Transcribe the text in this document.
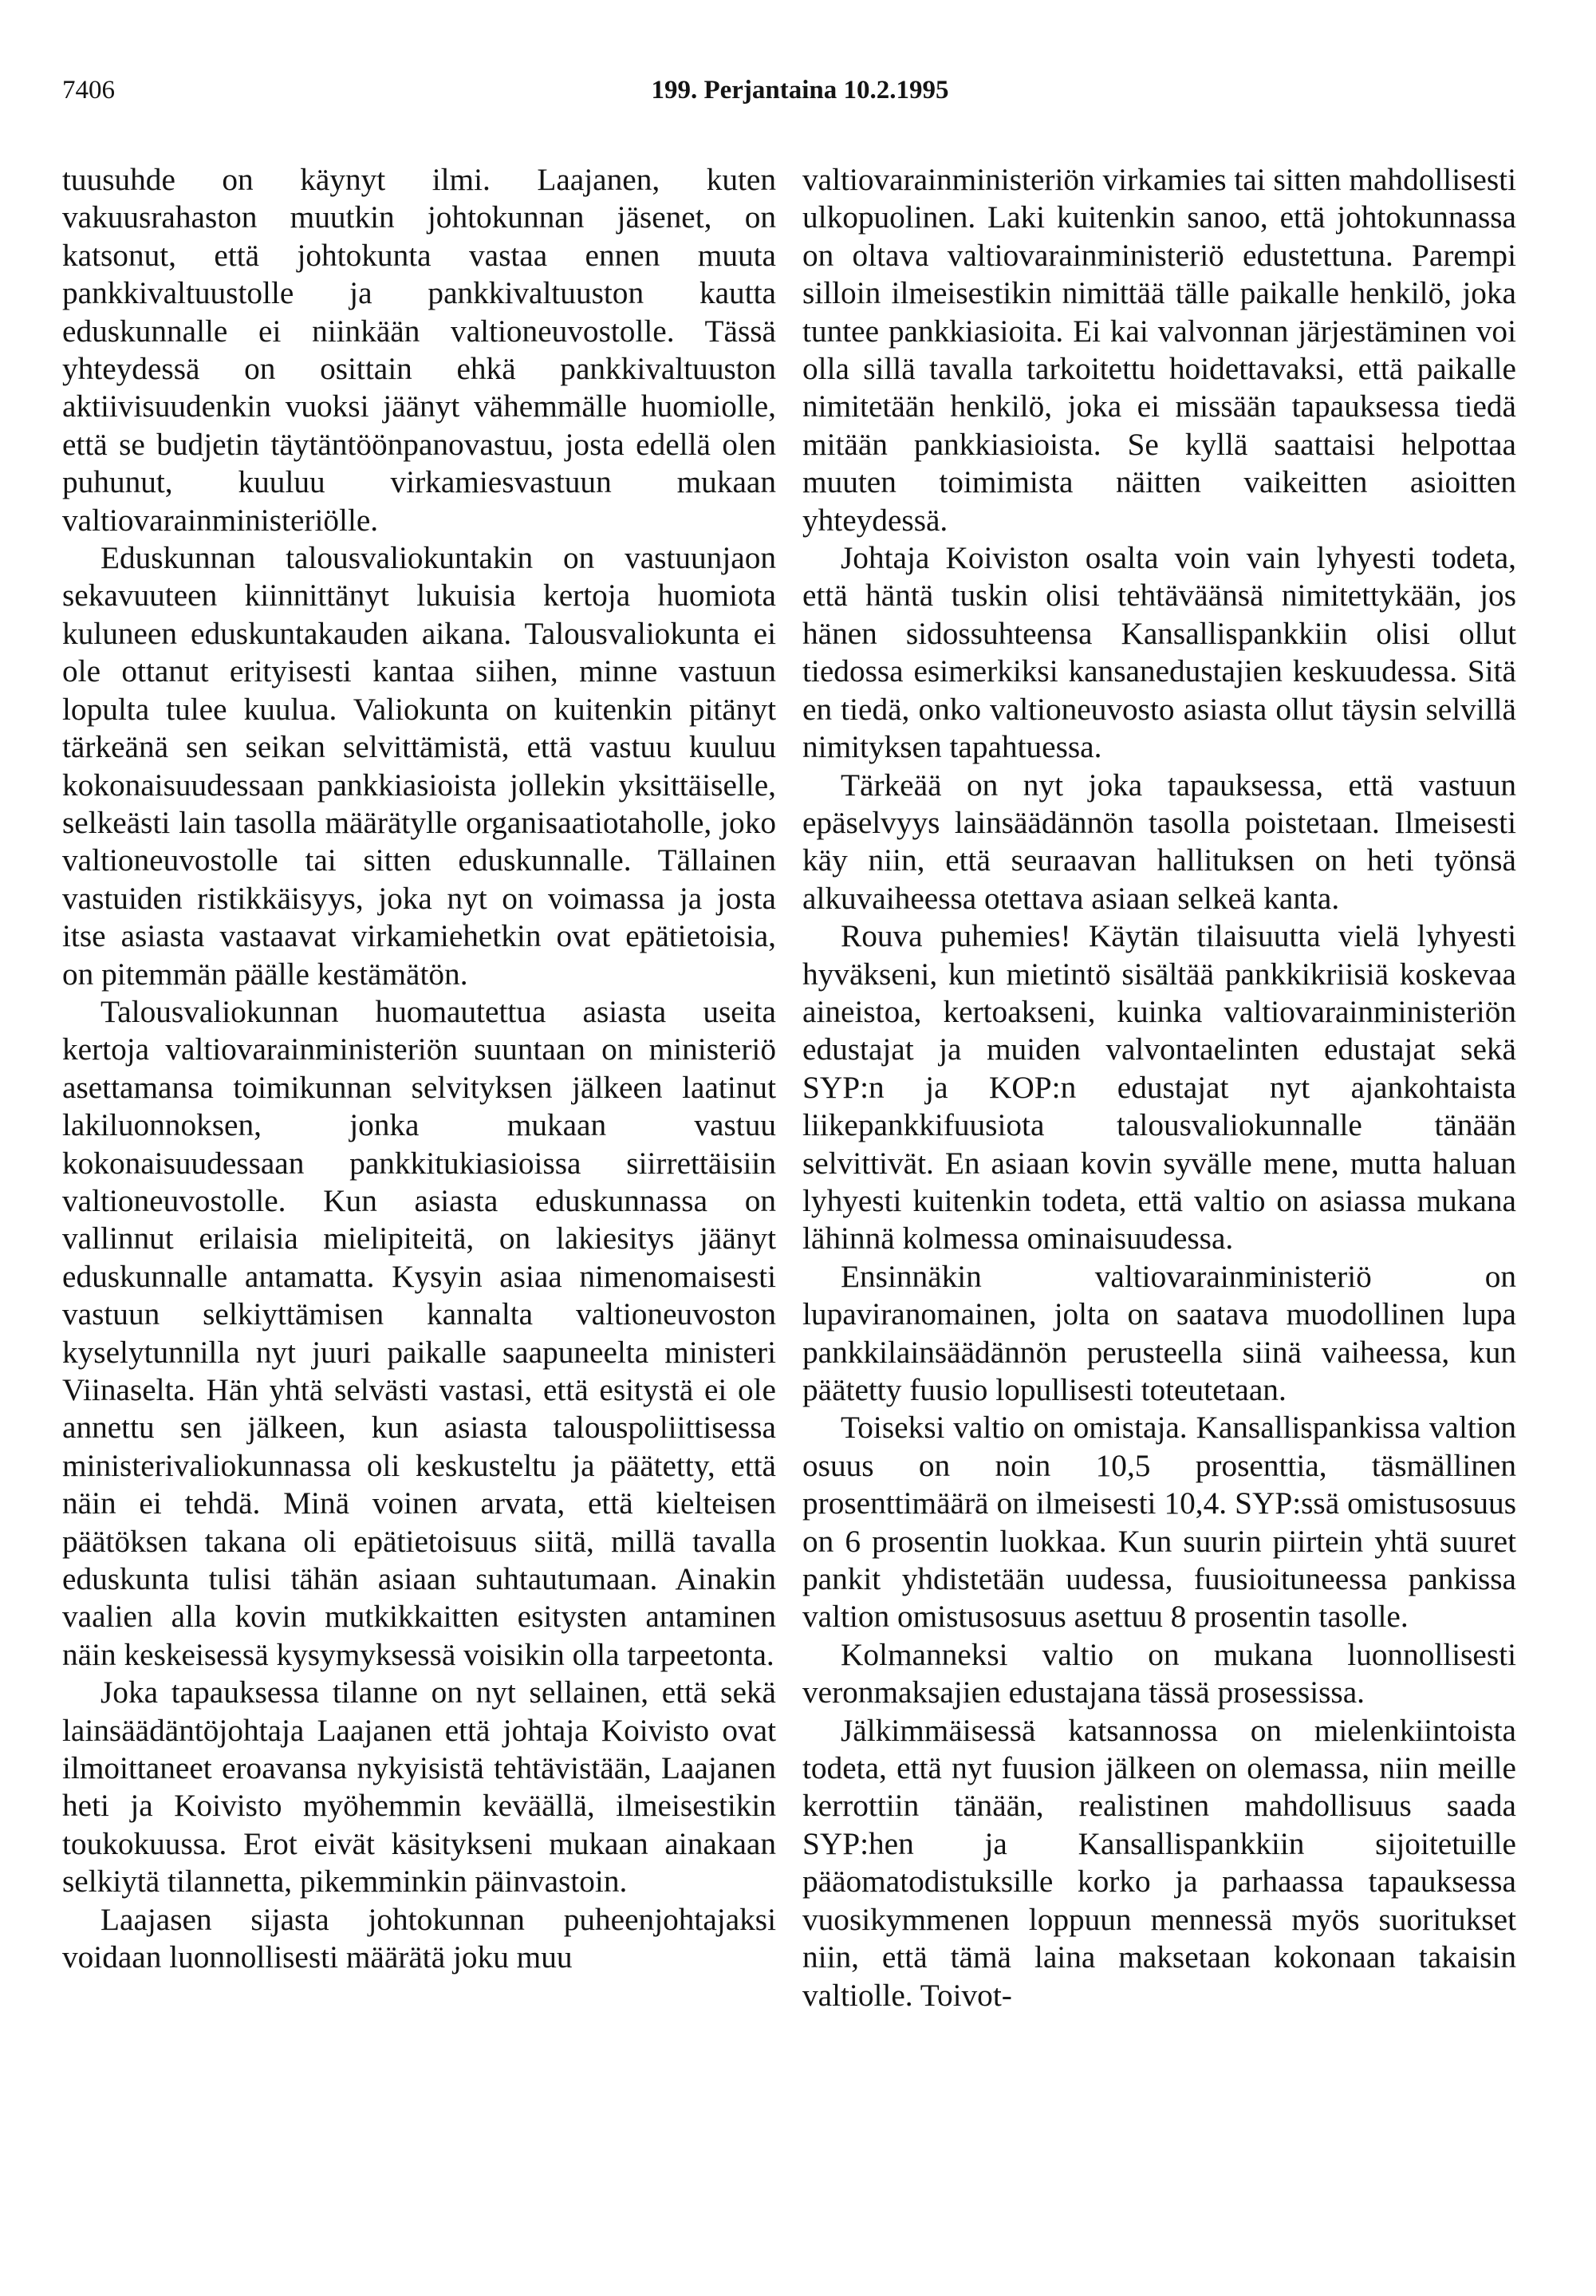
7406	199. Perjantaina 10.2.1995

tuusuhde on käynyt ilmi. Laajanen, kuten vakuusrahaston muutkin johtokunnan jäsenet, on katsonut, että johtokunta vastaa ennen muuta pankkivaltuustolle ja pankkivaltuuston kautta eduskunnalle ei niinkään valtioneuvostolle. Tässä yhteydessä on osittain ehkä pankkivaltuuston aktiivisuudenkin vuoksi jäänyt vähemmälle huomiolle, että se budjetin täytäntöönpanovastuu, josta edellä olen puhunut, kuuluu virkamiesvastuun mukaan valtiovarainministeriölle.

Eduskunnan talousvaliokuntakin on vastuunjaon sekavuuteen kiinnittänyt lukuisia kertoja huomiota kuluneen eduskuntakauden aikana. Talousvaliokunta ei ole ottanut erityisesti kantaa siihen, minne vastuun lopulta tulee kuulua. Valiokunta on kuitenkin pitänyt tärkeänä sen seikan selvittämistä, että vastuu kuuluu kokonaisuudessaan pankkiasioista jollekin yksittäiselle, selkeästi lain tasolla määrätylle organisaatiotaholle, joko valtioneuvostolle tai sitten eduskunnalle. Tällainen vastuiden ristikkäisyys, joka nyt on voimassa ja josta itse asiasta vastaavat virkamiehetkin ovat epätietoisia, on pitemmän päälle kestämätön.

Talousvaliokunnan huomautettua asiasta useita kertoja valtiovarainministeriön suuntaan on ministeriö asettamansa toimikunnan selvityksen jälkeen laatinut lakiluonnoksen, jonka mukaan vastuu kokonaisuudessaan pankkitukiasioissa siirrettäisiin valtioneuvostolle. Kun asiasta eduskunnassa on vallinnut erilaisia mielipiteitä, on lakiesitys jäänyt eduskunnalle antamatta. Kysyin asiaa nimenomaisesti vastuun selkiyttämisen kannalta valtioneuvoston kyselytunnilla nyt juuri paikalle saapuneelta ministeri Viinaselta. Hän yhtä selvästi vastasi, että esitystä ei ole annettu sen jälkeen, kun asiasta talouspoliittisessa ministerivaliokunnassa oli keskusteltu ja päätetty, että näin ei tehdä. Minä voinen arvata, että kielteisen päätöksen takana oli epätietoisuus siitä, millä tavalla eduskunta tulisi tähän asiaan suhtautumaan. Ainakin vaalien alla kovin mutkikkaitten esitysten antaminen näin keskeisessä kysymyksessä voisikin olla tarpeetonta.

Joka tapauksessa tilanne on nyt sellainen, että sekä lainsäädäntöjohtaja Laajanen että johtaja Koivisto ovat ilmoittaneet eroavansa nykyisistä tehtävistään, Laajanen heti ja Koivisto myöhemmin keväällä, ilmeisestikin toukokuussa. Erot eivät käsitykseni mukaan ainakaan selkiytä tilannetta, pikemminkin päinvastoin.

Laajasen sijasta johtokunnan puheenjohtajaksi voidaan luonnollisesti määrätä joku muu

valtiovarainministeriön virkamies tai sitten mahdollisesti ulkopuolinen. Laki kuitenkin sanoo, että johtokunnassa on oltava valtiovarainministeriö edustettuna. Parempi silloin ilmeisestikin nimittää tälle paikalle henkilö, joka tuntee pankkiasioita. Ei kai valvonnan järjestäminen voi olla sillä tavalla tarkoitettu hoidettavaksi, että paikalle nimitetään henkilö, joka ei missään tapauksessa tiedä mitään pankkiasioista. Se kyllä saattaisi helpottaa muuten toimimista näitten vaikeitten asioitten yhteydessä.

Johtaja Koiviston osalta voin vain lyhyesti todeta, että häntä tuskin olisi tehtäväänsä nimitettykään, jos hänen sidossuhteensa Kansallispankkiin olisi ollut tiedossa esimerkiksi kansanedustajien keskuudessa. Sitä en tiedä, onko valtioneuvosto asiasta ollut täysin selvillä nimityksen tapahtuessa.

Tärkeää on nyt joka tapauksessa, että vastuun epäselvyys lainsäädännön tasolla poistetaan. Ilmeisesti käy niin, että seuraavan hallituksen on heti työnsä alkuvaiheessa otettava asiaan selkeä kanta.

Rouva puhemies! Käytän tilaisuutta vielä lyhyesti hyväkseni, kun mietintö sisältää pankkikriisiä koskevaa aineistoa, kertoakseni, kuinka valtiovarainministeriön edustajat ja muiden valvontaelinten edustajat sekä SYP:n ja KOP:n edustajat nyt ajankohtaista liikepankkifuusiota talousvaliokunnalle tänään selvittivät. En asiaan kovin syvälle mene, mutta haluan lyhyesti kuitenkin todeta, että valtio on asiassa mukana lähinnä kolmessa ominaisuudessa.

Ensinnäkin valtiovarainministeriö on lupaviranomainen, jolta on saatava muodollinen lupa pankkilainsäädännön perusteella siinä vaiheessa, kun päätetty fuusio lopullisesti toteutetaan.

Toiseksi valtio on omistaja. Kansallispankissa valtion osuus on noin 10,5 prosenttia, täsmällinen prosenttimäärä on ilmeisesti 10,4. SYP:ssä omistusosuus on 6 prosentin luokkaa. Kun suurin piirtein yhtä suuret pankit yhdistetään uudessa, fuusioituneessa pankissa valtion omistusosuus asettuu 8 prosentin tasolle.

Kolmanneksi valtio on mukana luonnollisesti veronmaksajien edustajana tässä prosessissa.

Jälkimmäisessä katsannossa on mielenkiintoista todeta, että nyt fuusion jälkeen on olemassa, niin meille kerrottiin tänään, realistinen mahdollisuus saada SYP:hen ja Kansallispankkiin sijoitetuille pääomatodistuksille korko ja parhaassa tapauksessa vuosikymmenen loppuun mennessä myös suoritukset niin, että tämä laina maksetaan kokonaan takaisin valtiolle. Toivot-
